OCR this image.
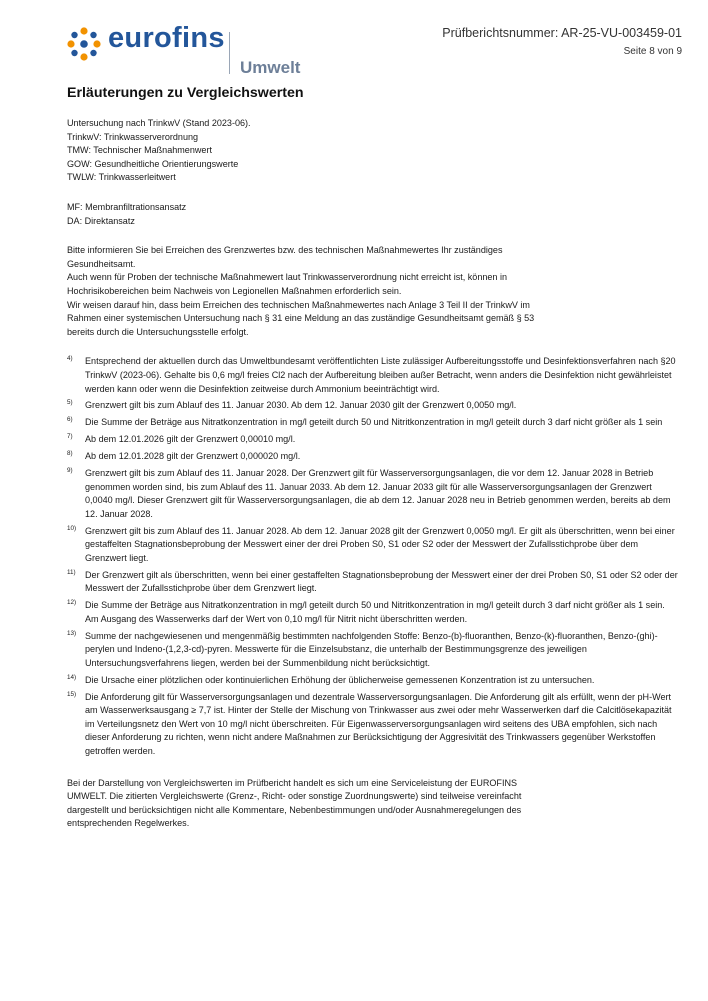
eurofins
Umwelt
Prüfberichtsnummer: AR-25-VU-003459-01
Seite 8 von 9
Erläuterungen zu Vergleichswerten
Untersuchung nach TrinkwV (Stand 2023-06).
TrinkwV: Trinkwasserverordnung
TMW: Technischer Maßnahmenwert
GOW: Gesundheitliche Orientierungswerte
TWLW: Trinkwasserleitwert
MF: Membranfiltrationsansatz
DA: Direktansatz
Bitte informieren Sie bei Erreichen des Grenzwertes bzw. des technischen Maßnahmewertes Ihr zuständiges Gesundheitsamt.
Auch wenn für Proben der technische Maßnahmewert laut Trinkwasserverordnung nicht erreicht ist, können in Hochrisikobereichen beim Nachweis von Legionellen Maßnahmen erforderlich sein.
Wir weisen darauf hin, dass beim Erreichen des technischen Maßnahmewertes nach Anlage 3 Teil II der TrinkwV im Rahmen einer systemischen Untersuchung nach § 31 eine Meldung an das zuständige Gesundheitsamt gemäß § 53 bereits durch die Untersuchungsstelle erfolgt.
4) Entsprechend der aktuellen durch das Umweltbundesamt veröffentlichten Liste zulässiger Aufbereitungsstoffe und Desinfektionsverfahren nach §20 TrinkwV (2023-06). Gehalte bis 0,6 mg/l freies Cl2 nach der Aufbereitung bleiben außer Betracht, wenn anders die Desinfektion nicht gewährleistet werden kann oder wenn die Desinfektion zeitweise durch Ammonium beeinträchtigt wird.
5) Grenzwert gilt bis zum Ablauf des 11. Januar 2030. Ab dem 12. Januar 2030 gilt der Grenzwert 0,0050 mg/l.
6) Die Summe der Beträge aus Nitratkonzentration in mg/l geteilt durch 50 und Nitritkonzentration in mg/l geteilt durch 3 darf nicht größer als 1 sein
7) Ab dem 12.01.2026 gilt der Grenzwert 0,00010 mg/l.
8) Ab dem 12.01.2028 gilt der Grenzwert 0,000020 mg/l.
9) Grenzwert gilt bis zum Ablauf des 11. Januar 2028. Der Grenzwert gilt für Wasserversorgungsanlagen, die vor dem 12. Januar 2028 in Betrieb genommen worden sind, bis zum Ablauf des 11. Januar 2033. Ab dem 12. Januar 2033 gilt für alle Wasserversorgungsanlagen der Grenzwert 0,0040 mg/l. Dieser Grenzwert gilt für Wasserversorgungsanlagen, die ab dem 12. Januar 2028 neu in Betrieb genommen werden, bereits ab dem 12. Januar 2028.
10) Grenzwert gilt bis zum Ablauf des 11. Januar 2028. Ab dem 12. Januar 2028 gilt der Grenzwert 0,0050 mg/l. Er gilt als überschritten, wenn bei einer gestaffelten Stagnationsbeprobung der Messwert einer der drei Proben S0, S1 oder S2 oder der Messwert der Zufallsstichprobe über dem Grenzwert liegt.
11) Der Grenzwert gilt als überschritten, wenn bei einer gestaffelten Stagnationsbeprobung der Messwert einer der drei Proben S0, S1 oder S2 oder der Messwert der Zufallsstichprobe über dem Grenzwert liegt.
12) Die Summe der Beträge aus Nitratkonzentration in mg/l geteilt durch 50 und Nitritkonzentration in mg/l geteilt durch 3 darf nicht größer als 1 sein. Am Ausgang des Wasserwerks darf der Wert von 0,10 mg/l für Nitrit nicht überschritten werden.
13) Summe der nachgewiesenen und mengenmäßig bestimmten nachfolgenden Stoffe: Benzo-(b)-fluoranthen, Benzo-(k)-fluoranthen, Benzo-(ghi)-perylen und Indeno-(1,2,3-cd)-pyren. Messwerte für die Einzelsubstanz, die unterhalb der Bestimmungsgrenze des jeweiligen Untersuchungsverfahrens liegen, werden bei der Summenbildung nicht berücksichtigt.
14) Die Ursache einer plötzlichen oder kontinuierlichen Erhöhung der üblicherweise gemessenen Konzentration ist zu untersuchen.
15) Die Anforderung gilt für Wasserversorgungsanlagen und dezentrale Wasserversorgungsanlagen. Die Anforderung gilt als erfüllt, wenn der pH-Wert am Wasserwerksausgang ≥ 7,7 ist. Hinter der Stelle der Mischung von Trinkwasser aus zwei oder mehr Wasserwerken darf die Calcitlösekapazität im Verteilungsnetz den Wert von 10 mg/l nicht überschreiten. Für Eigenwasserversorgungsanlagen wird seitens des UBA empfohlen, sich nach dieser Anforderung zu richten, wenn nicht andere Maßnahmen zur Berücksichtigung der Aggresivität des Trinkwassers gegenüber Werkstoffen getroffen werden.
Bei der Darstellung von Vergleichswerten im Prüfbericht handelt es sich um eine Serviceleistung der EUROFINS UMWELT. Die zitierten Vergleichswerte (Grenz-, Richt- oder sonstige Zuordnungswerte) sind teilweise vereinfacht dargestellt und berücksichtigen nicht alle Kommentare, Nebenbestimmungen und/oder Ausnahmeregelungen des entsprechenden Regelwerkes.
